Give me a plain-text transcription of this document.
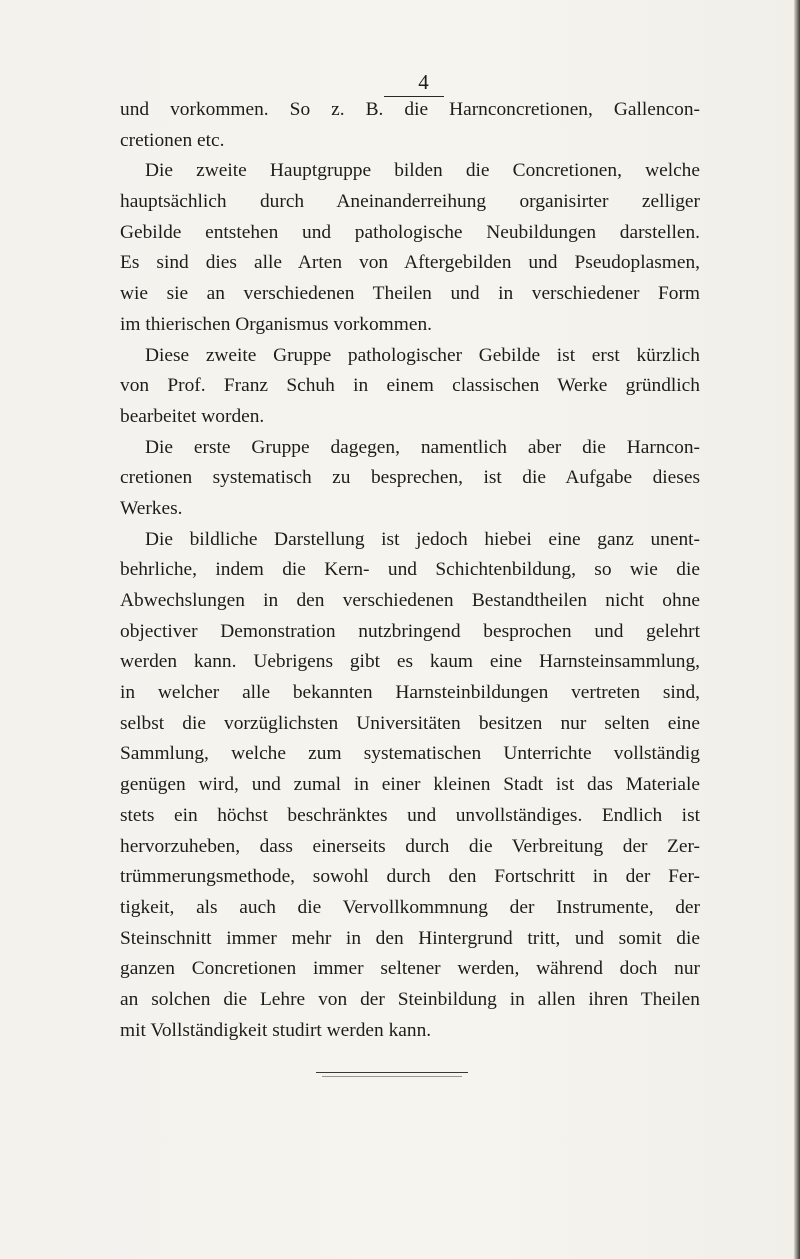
4
und vorkommen. So z. B. die Harnconcretionen, Gallencon-
cretionen etc.
Die zweite Hauptgruppe bilden die Concretionen, welche
hauptsächlich durch Aneinanderreihung organisirter zelliger
Gebilde entstehen und pathologische Neubildungen darstellen.
Es sind dies alle Arten von Aftergebilden und Pseudoplasmen,
wie sie an verschiedenen Theilen und in verschiedener Form
im thierischen Organismus vorkommen.
Diese zweite Gruppe pathologischer Gebilde ist erst kürzlich
von Prof. Franz Schuh in einem classischen Werke gründlich
bearbeitet worden.
Die erste Gruppe dagegen, namentlich aber die Harncon-
cretionen systematisch zu besprechen, ist die Aufgabe dieses
Werkes.
Die bildliche Darstellung ist jedoch hiebei eine ganz unent-
behrliche, indem die Kern- und Schichtenbildung, so wie die
Abwechslungen in den verschiedenen Bestandtheilen nicht ohne
objectiver Demonstration nutzbringend besprochen und gelehrt
werden kann. Uebrigens gibt es kaum eine Harnsteinsammlung,
in welcher alle bekannten Harnsteinbildungen vertreten sind,
selbst die vorzüglichsten Universitäten besitzen nur selten eine
Sammlung, welche zum systematischen Unterrichte vollständig
genügen wird, und zumal in einer kleinen Stadt ist das Materiale
stets ein höchst beschränktes und unvollständiges. Endlich ist
hervorzuheben, dass einerseits durch die Verbreitung der Zer-
trümmerungsmethode, sowohl durch den Fortschritt in der Fer-
tigkeit, als auch die Vervollkommnung der Instrumente, der
Steinschnitt immer mehr in den Hintergrund tritt, und somit die
ganzen Concretionen immer seltener werden, während doch nur
an solchen die Lehre von der Steinbildung in allen ihren Theilen
mit Vollständigkeit studirt werden kann.
